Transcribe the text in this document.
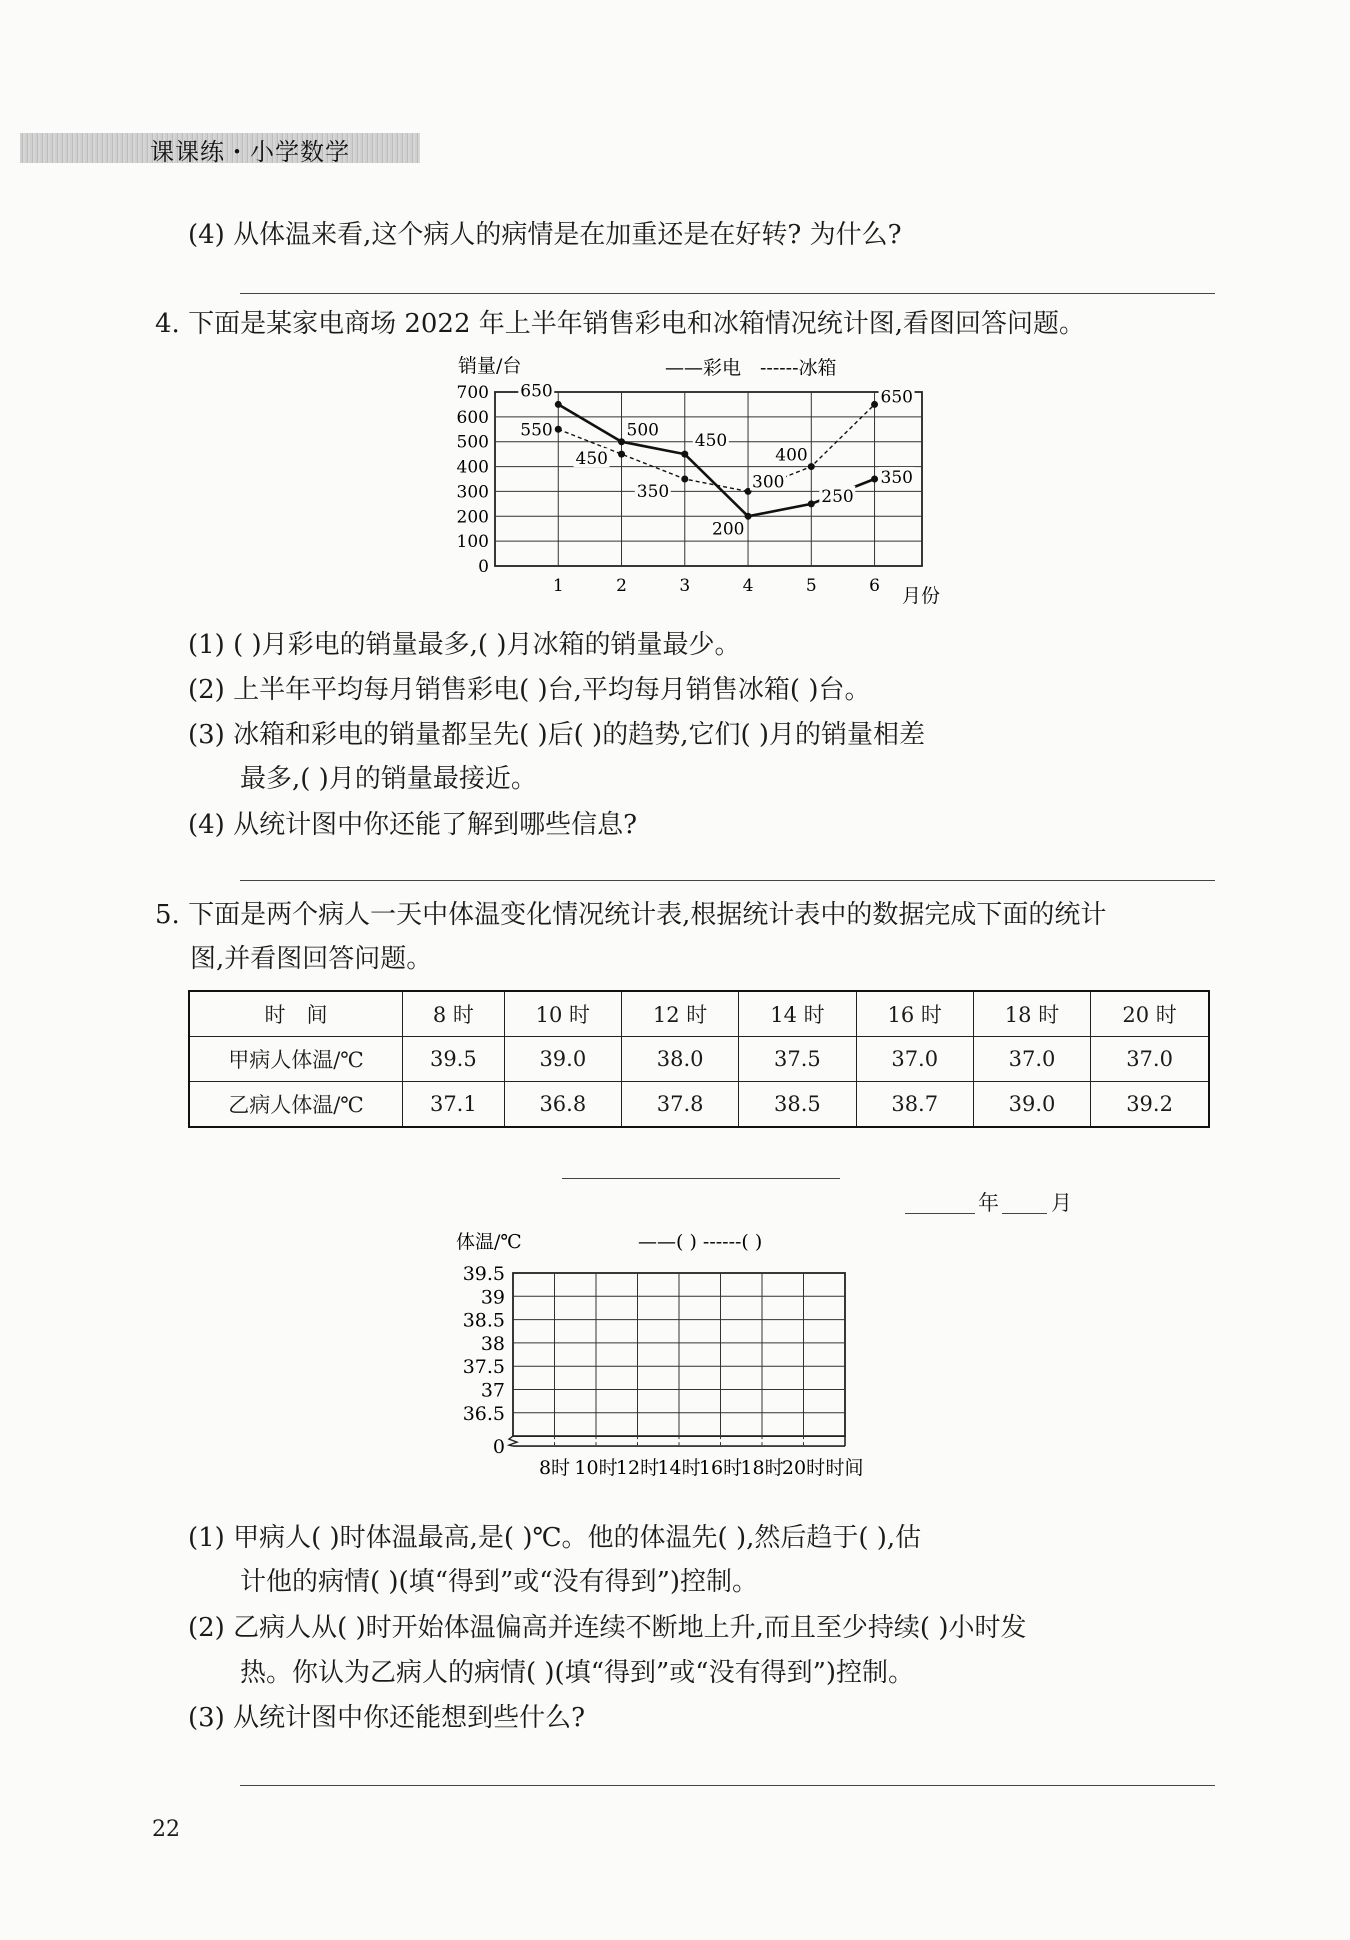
课课练・小学数学
(4) 从体温来看,这个病人的病情是在加重还是在好转? 为什么?
4. 下面是某家电商场 2022 年上半年销售彩电和冰箱情况统计图,看图回答问题。
0
100
200
300
400
500
600
700
1	2	3	4	5	6
650
500
450
200
250
350
550
450
350	300
400
650
销量/台
月份
——彩电 ------冰箱
(1) ( )月彩电的销量最多,( )月冰箱的销量最少。
(2) 上半年平均每月销售彩电( )台,平均每月销售冰箱( )台。
(3) 冰箱和彩电的销量都呈先( )后( )的趋势,它们( )月的销量相差
最多,( )月的销量最接近。
(4) 从统计图中你还能了解到哪些信息?
5. 下面是两个病人一天中体温变化情况统计表,根据统计表中的数据完成下面的统计
图,并看图回答问题。
时　间	8 时	10 时	12 时	14 时	16 时	18 时	20 时
甲病人体温/℃	39.5	39.0	38.0	37.5	37.0	37.0	37.0
乙病人体温/℃	37.1	36.8	37.8	38.5	38.7	39.0	39.2
年 月
39.5
39
38.5
38
37.5
37
36.5
0
8时 10时
12时
14时
16时
18时
20时
体温/℃	——( ) ------( )
时间
(1) 甲病人( )时体温最高,是( )℃。他的体温先( ),然后趋于( ),估
计他的病情( )(填“得到”或“没有得到”)控制。
(2) 乙病人从( )时开始体温偏高并连续不断地上升,而且至少持续( )小时发
热。你认为乙病人的病情( )(填“得到”或“没有得到”)控制。
(3) 从统计图中你还能想到些什么?
22
